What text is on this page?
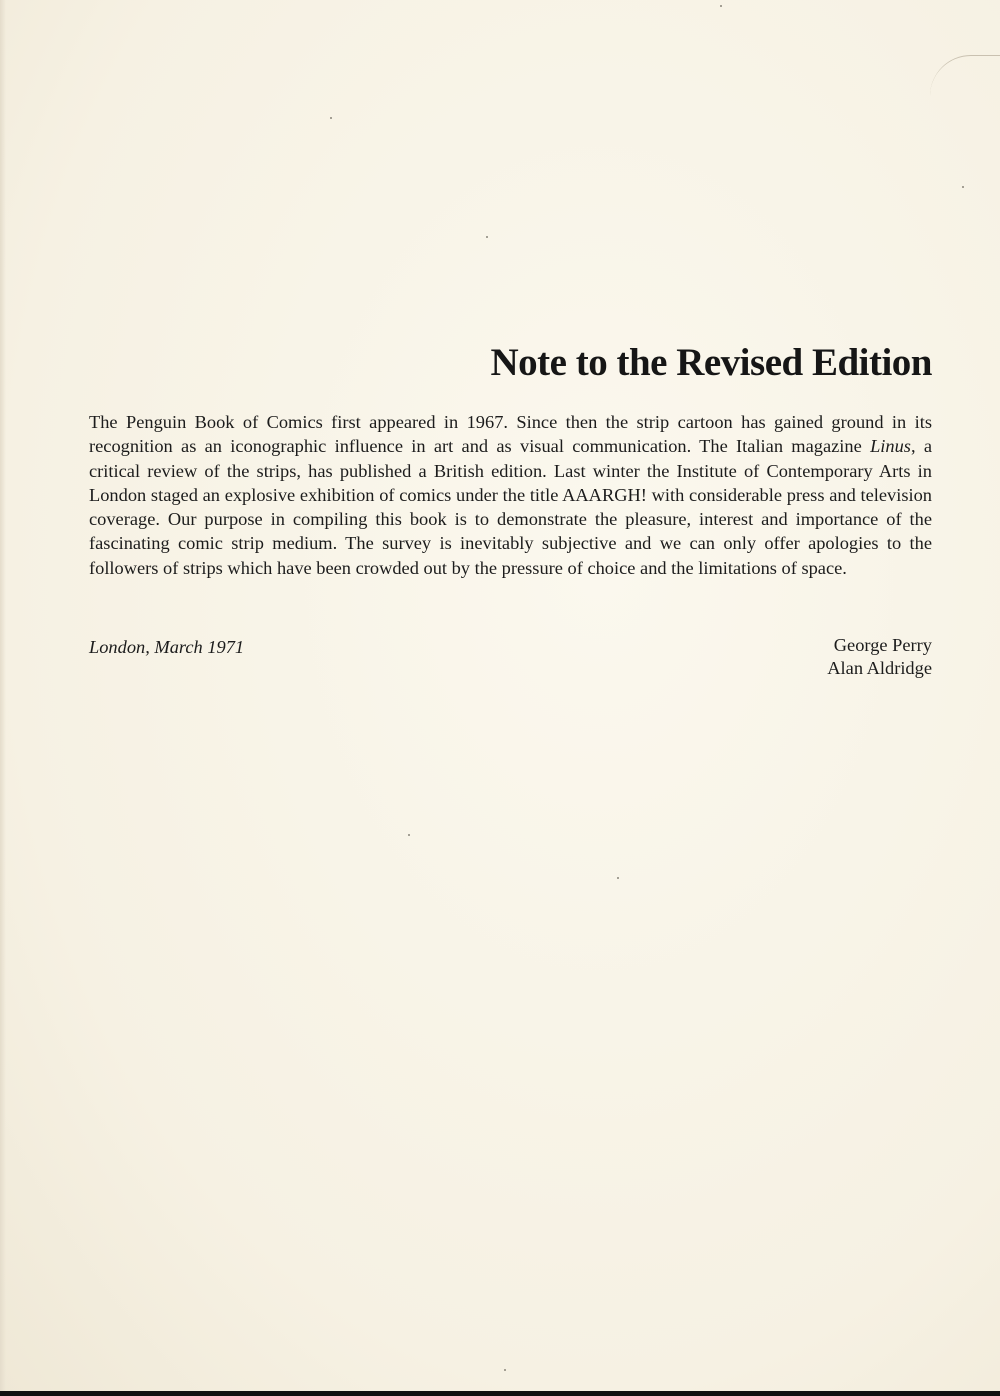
Note to the Revised Edition

The Penguin Book of Comics first appeared in 1967. Since then the strip cartoon has gained ground in its recognition as an iconographic influence in art and as visual communication. The Italian magazine Linus, a critical review of the strips, has published a British edition. Last winter the Institute of Contemporary Arts in London staged an explosive exhibition of comics under the title AAARGH! with considerable press and television coverage. Our purpose in compiling this book is to demonstrate the pleasure, interest and importance of the fascinating comic strip medium. The survey is inevitably subjective and we can only offer apologies to the followers of strips which have been crowded out by the pressure of choice and the limitations of space.

London, March 1971	George Perry
Alan Aldridge
